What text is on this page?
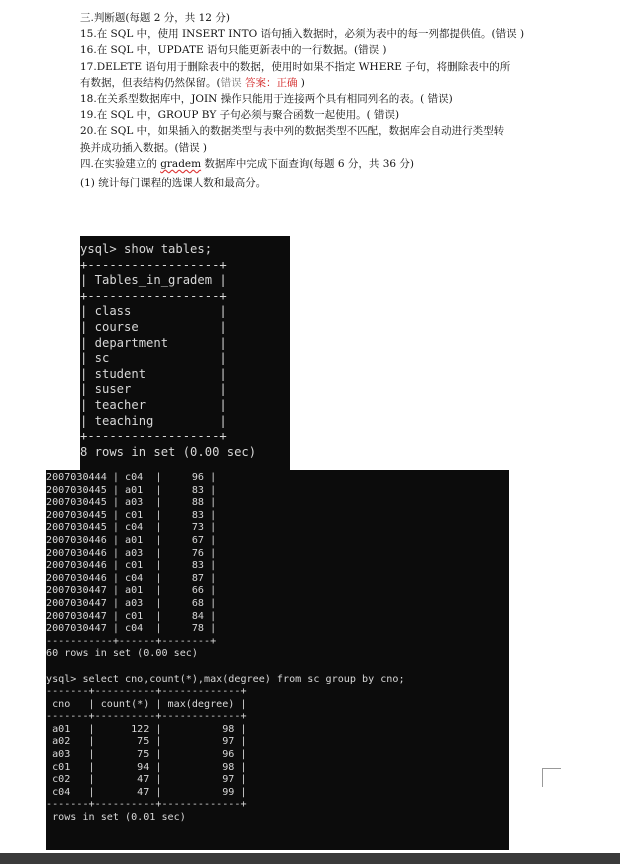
三.判断题(每题 2 分，共 12 分)

15.在 SQL 中，使用 INSERT INTO 语句插入数据时，必须为表中的每一列都提供值。(错误 )

16.在 SQL 中，UPDATE 语句只能更新表中的一行数据。(错误 )

17.DELETE 语句用于删除表中的数据，使用时如果不指定 WHERE 子句，将删除表中的所

有数据，但表结构仍然保留。(错误 答案：正确 )

18.在关系型数据库中，JOIN 操作只能用于连接两个具有相同列名的表。( 错误)

19.在 SQL 中，GROUP BY 子句必须与聚合函数一起使用。( 错误)

20.在 SQL 中，如果插入的数据类型与表中列的数据类型不匹配，数据库会自动进行类型转

换并成功插入数据。(错误 )

四.在实验建立的 gradem 数据库中完成下面查询(每题 6 分，共 36 分)

(1) 统计每门课程的选课人数和最高分。

ysql> show tables;
+------------------+
| Tables_in_gradem |
+------------------+
| class            |
| course           |
| department       |
| sc               |
| student          |
| suser            |
| teacher          |
| teaching         |
+------------------+
8 rows in set (0.00 sec)
2007030444 | c04  |     96 |
2007030445 | a01  |     83 |
2007030445 | a03  |     88 |
2007030445 | c01  |     83 |
2007030445 | c04  |     73 |
2007030446 | a01  |     67 |
2007030446 | a03  |     76 |
2007030446 | c01  |     83 |
2007030446 | c04  |     87 |
2007030447 | a01  |     66 |
2007030447 | a03  |     68 |
2007030447 | c01  |     84 |
2007030447 | c04  |     78 |
-----------+------+--------+
60 rows in set (0.00 sec)

ysql> select cno,count(*),max(degree) from sc group by cno;
-------+----------+-------------+
cno   | count(*) | max(degree) |
-------+----------+-------------+
a01   |      122 |          98 |
a02   |       75 |          97 |
a03   |       75 |          96 |
c01   |       94 |          98 |
c02   |       47 |          97 |
c04   |       47 |          99 |
-------+----------+-------------+
rows in set (0.01 sec)
